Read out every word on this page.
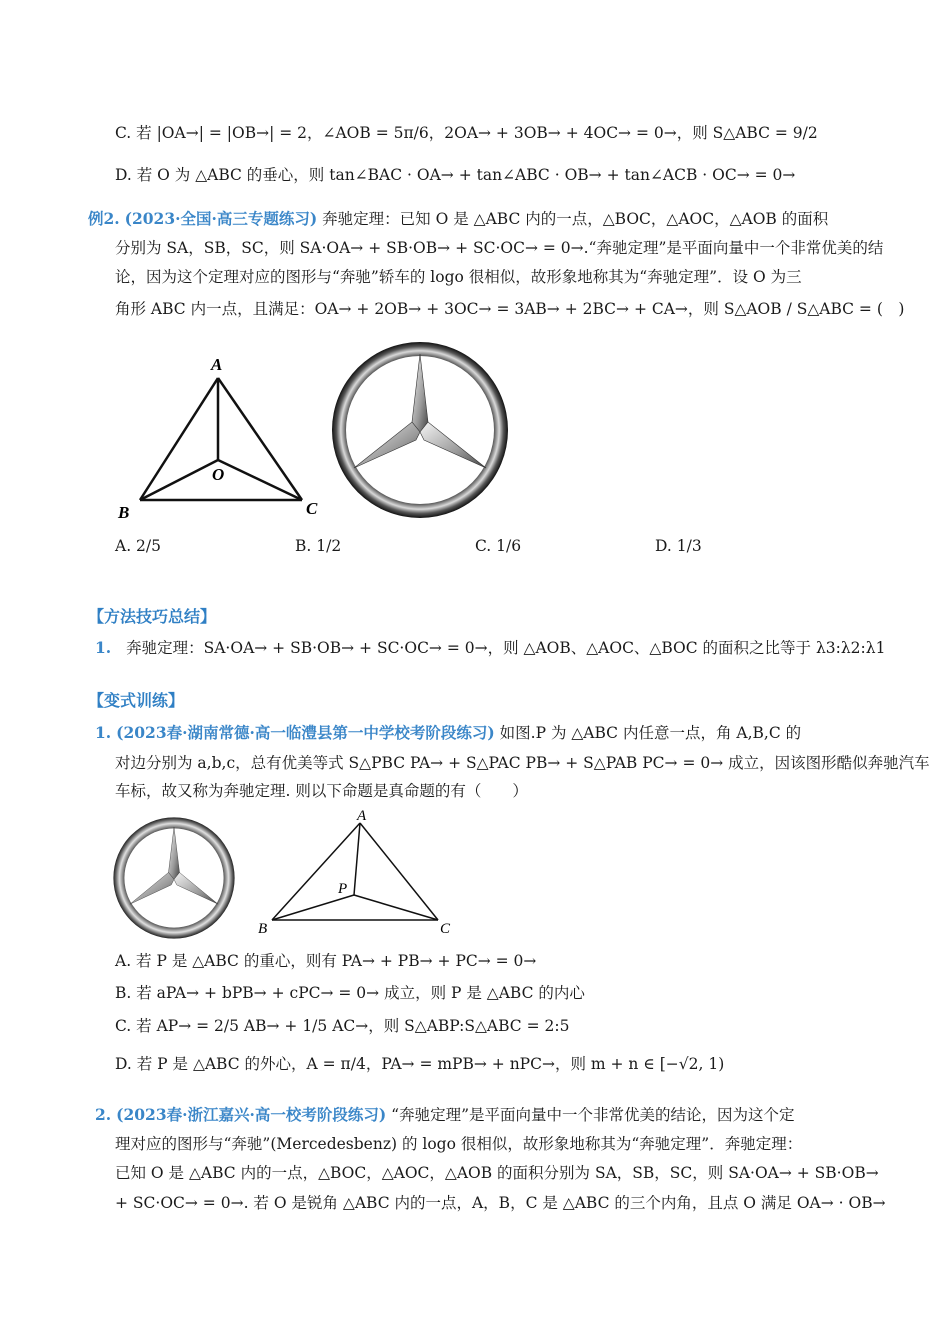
C. 若 |OA→| = |OB→| = 2，∠AOB = 5π/6，2OA→ + 3OB→ + 4OC→ = 0→，则 S△ABC = 9/2
D. 若 O 为 △ABC 的垂心，则 tan∠BAC · OA→ + tan∠ABC · OB→ + tan∠ACB · OC→ = 0→
例2. (2023·全国·高三专题练习) 奔驰定理：已知 O 是 △ABC 内的一点，△BOC，△AOC，△AOB 的面积
分别为 SA，SB，SC，则 SA·OA→ + SB·OB→ + SC·OC→ = 0→.“奔驰定理”是平面向量中一个非常优美的结
论，因为这个定理对应的图形与“奔驰”轿车的 logo 很相似，故形象地称其为“奔驰定理”．设 O 为三
角形 ABC 内一点，且满足：OA→ + 2OB→ + 3OC→ = 3AB→ + 2BC→ + CA→，则 S△AOB / S△ABC = (　)
A
B	C
O
A. 2/5	B. 1/2	C. 1/6	D. 1/3
【方法技巧总结】
1. 奔驰定理：SA·OA→ + SB·OB→ + SC·OC→ = 0→，则 △AOB、△AOC、△BOC 的面积之比等于 λ3:λ2:λ1
【变式训练】
1. (2023春·湖南常德·高一临澧县第一中学校考阶段练习) 如图.P 为 △ABC 内任意一点，角 A,B,C 的
对边分别为 a,b,c，总有优美等式 S△PBC PA→ + S△PAC PB→ + S△PAB PC→ = 0→ 成立，因该图形酷似奔驰汽车
车标，故又称为奔驰定理. 则以下命题是真命题的有（　　）
A
B	C
P
A. 若 P 是 △ABC 的重心，则有 PA→ + PB→ + PC→ = 0→
B. 若 aPA→ + bPB→ + cPC→ = 0→ 成立，则 P 是 △ABC 的内心
C. 若 AP→ = 2/5 AB→ + 1/5 AC→，则 S△ABP:S△ABC = 2:5
D. 若 P 是 △ABC 的外心，A = π/4，PA→ = mPB→ + nPC→，则 m + n ∈ [−√2, 1)
2. (2023春·浙江嘉兴·高一校考阶段练习) “奔驰定理”是平面向量中一个非常优美的结论，因为这个定
理对应的图形与“奔驰”(Mercedesbenz) 的 logo 很相似，故形象地称其为“奔驰定理”．奔驰定理：
已知 O 是 △ABC 内的一点，△BOC，△AOC，△AOB 的面积分别为 SA，SB，SC，则 SA·OA→ + SB·OB→
+ SC·OC→ = 0→. 若 O 是锐角 △ABC 内的一点，A，B，C 是 △ABC 的三个内角，且点 O 满足 OA→ · OB→
